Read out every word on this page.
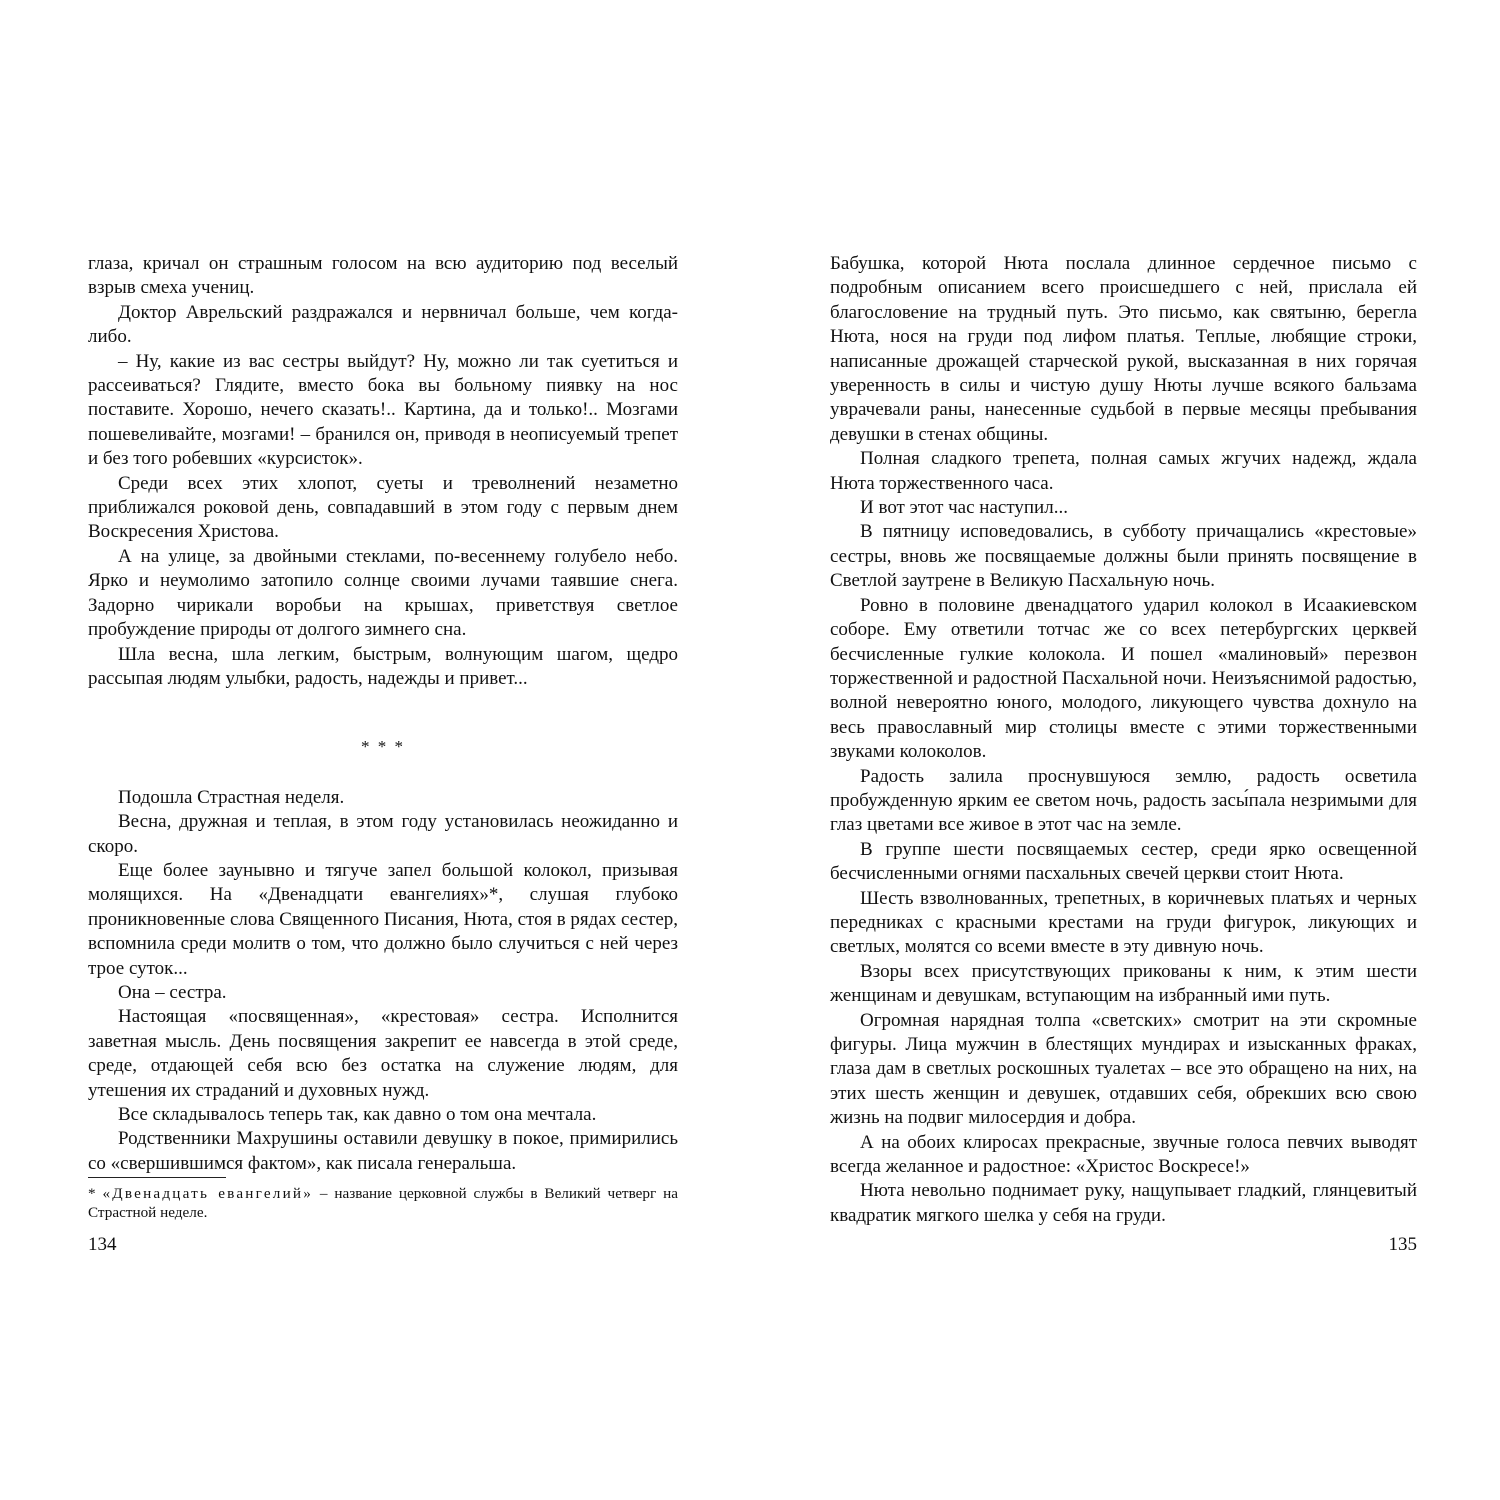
глаза, кричал он страшным голосом на всю аудиторию под веселый взрыв смеха учениц.

Доктор Аврельский раздражался и нервничал больше, чем когда-либо.

– Ну, какие из вас сестры выйдут? Ну, можно ли так суетиться и рассеиваться? Глядите, вместо бока вы больному пиявку на нос поставите. Хорошо, нечего сказать!.. Картина, да и только!.. Мозгами пошевеливайте, мозгами! – бранился он, приводя в неописуемый трепет и без того робевших «курсисток».

Среди всех этих хлопот, суеты и треволнений незаметно приближался роковой день, совпадавший в этом году с первым днем Воскресения Христова.

А на улице, за двойными стеклами, по-весеннему голубело небо. Ярко и неумолимо затопило солнце своими лучами таявшие снега. Задорно чирикали воробьи на крышах, приветствуя светлое пробуждение природы от долгого зимнего сна.

Шла весна, шла легким, быстрым, волнующим шагом, щедро рассыпая людям улыбки, радость, надежды и привет...

* * *

Подошла Страстная неделя.

Весна, дружная и теплая, в этом году установилась неожиданно и скоро.

Еще более заунывно и тягуче запел большой колокол, призывая молящихся. На «Двенадцати евангелиях»*, слушая глубоко проникновенные слова Священного Писания, Нюта, стоя в рядах сестер, вспомнила среди молитв о том, что должно было случиться с ней через трое суток...

Она – сестра.

Настоящая «посвященная», «крестовая» сестра. Исполнится заветная мысль. День посвящения закрепит ее навсегда в этой среде, среде, отдающей себя всю без остатка на служение людям, для утешения их страданий и духовных нужд.

Все складывалось теперь так, как давно о том она мечтала.

Родственники Махрушины оставили девушку в покое, примирились со «свершившимся фактом», как писала генеральша.

* «Двенадцать евангелий» – название церковной службы в Великий четверг на Страстной неделе.
134

Бабушка, которой Нюта послала длинное сердечное письмо с подробным описанием всего происшедшего с ней, прислала ей благословение на трудный путь. Это письмо, как святыню, берегла Нюта, нося на груди под лифом платья. Теплые, любящие строки, написанные дрожащей старческой рукой, высказанная в них горячая уверенность в силы и чистую душу Нюты лучше всякого бальзама уврачевали раны, нанесенные судьбой в первые месяцы пребывания девушки в стенах общины.

Полная сладкого трепета, полная самых жгучих надежд, ждала Нюта торжественного часа.

И вот этот час наступил...

В пятницу исповедовались, в субботу причащались «крестовые» сестры, вновь же посвящаемые должны были принять посвящение в Светлой заутрене в Великую Пасхальную ночь.

Ровно в половине двенадцатого ударил колокол в Исаакиевском соборе. Ему ответили тотчас же со всех петербургских церквей бесчисленные гулкие колокола. И пошел «малиновый» перезвон торжественной и радостной Пасхальной ночи. Неизъяснимой радостью, волной невероятно юного, молодого, ликующего чувства дохнуло на весь православный мир столицы вместе с этими торжественными звуками колоколов.

Радость залила проснувшуюся землю, радость осветила пробужденную ярким ее светом ночь, радость засы́пала незримыми для глаз цветами все живое в этот час на земле.

В группе шести посвящаемых сестер, среди ярко освещенной бесчисленными огнями пасхальных свечей церкви стоит Нюта.

Шесть взволнованных, трепетных, в коричневых платьях и черных передниках с красными крестами на груди фигурок, ликующих и светлых, молятся со всеми вместе в эту дивную ночь.

Взоры всех присутствующих прикованы к ним, к этим шести женщинам и девушкам, вступающим на избранный ими путь.

Огромная нарядная толпа «светских» смотрит на эти скромные фигуры. Лица мужчин в блестящих мундирах и изысканных фраках, глаза дам в светлых роскошных туалетах – все это обращено на них, на этих шесть женщин и девушек, отдавших себя, обрекших всю свою жизнь на подвиг милосердия и добра.

А на обоих клиросах прекрасные, звучные голоса певчих выводят всегда желанное и радостное: «Христос Воскресе!»

Нюта невольно поднимает руку, нащупывает гладкий, глянцевитый квадратик мягкого шелка у себя на груди.

135
